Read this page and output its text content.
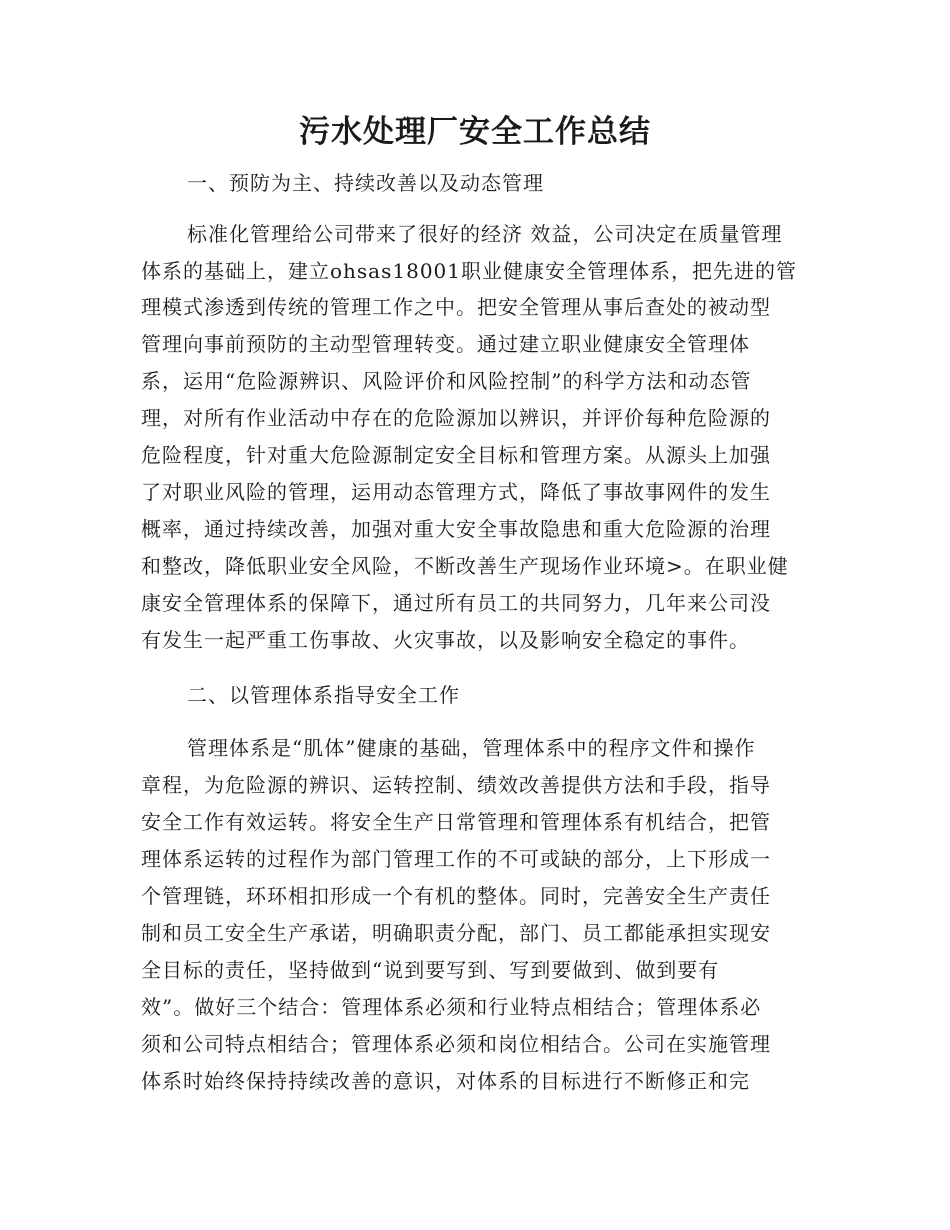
污水处理厂安全工作总结
一、预防为主、持续改善以及动态管理
标准化管理给公司带来了很好的经济 效益，公司决定在质量管理
体系的基础上，建立ohsas18001职业健康安全管理体系，把先进的管
理模式渗透到传统的管理工作之中。把安全管理从事后查处的被动型
管理向事前预防的主动型管理转变。通过建立职业健康安全管理体
系，运用“危险源辨识、风险评价和风险控制”的科学方法和动态管
理，对所有作业活动中存在的危险源加以辨识，并评价每种危险源的
危险程度，针对重大危险源制定安全目标和管理方案。从源头上加强
了对职业风险的管理，运用动态管理方式，降低了事故事网件的发生
概率，通过持续改善，加强对重大安全事故隐患和重大危险源的治理
和整改，降低职业安全风险，不断改善生产现场作业环境>。在职业健
康安全管理体系的保障下，通过所有员工的共同努力，几年来公司没
有发生一起严重工伤事故、火灾事故，以及影响安全稳定的事件。
二、以管理体系指导安全工作
管理体系是“肌体”健康的基础，管理体系中的程序文件和操作
章程，为危险源的辨识、运转控制、绩效改善提供方法和手段，指导
安全工作有效运转。将安全生产日常管理和管理体系有机结合，把管
理体系运转的过程作为部门管理工作的不可或缺的部分，上下形成一
个管理链，环环相扣形成一个有机的整体。同时，完善安全生产责任
制和员工安全生产承诺，明确职责分配，部门、员工都能承担实现安
全目标的责任，坚持做到“说到要写到、写到要做到、做到要有
效”。做好三个结合：管理体系必须和行业特点相结合；管理体系必
须和公司特点相结合；管理体系必须和岗位相结合。公司在实施管理
体系时始终保持持续改善的意识，对体系的目标进行不断修正和完
